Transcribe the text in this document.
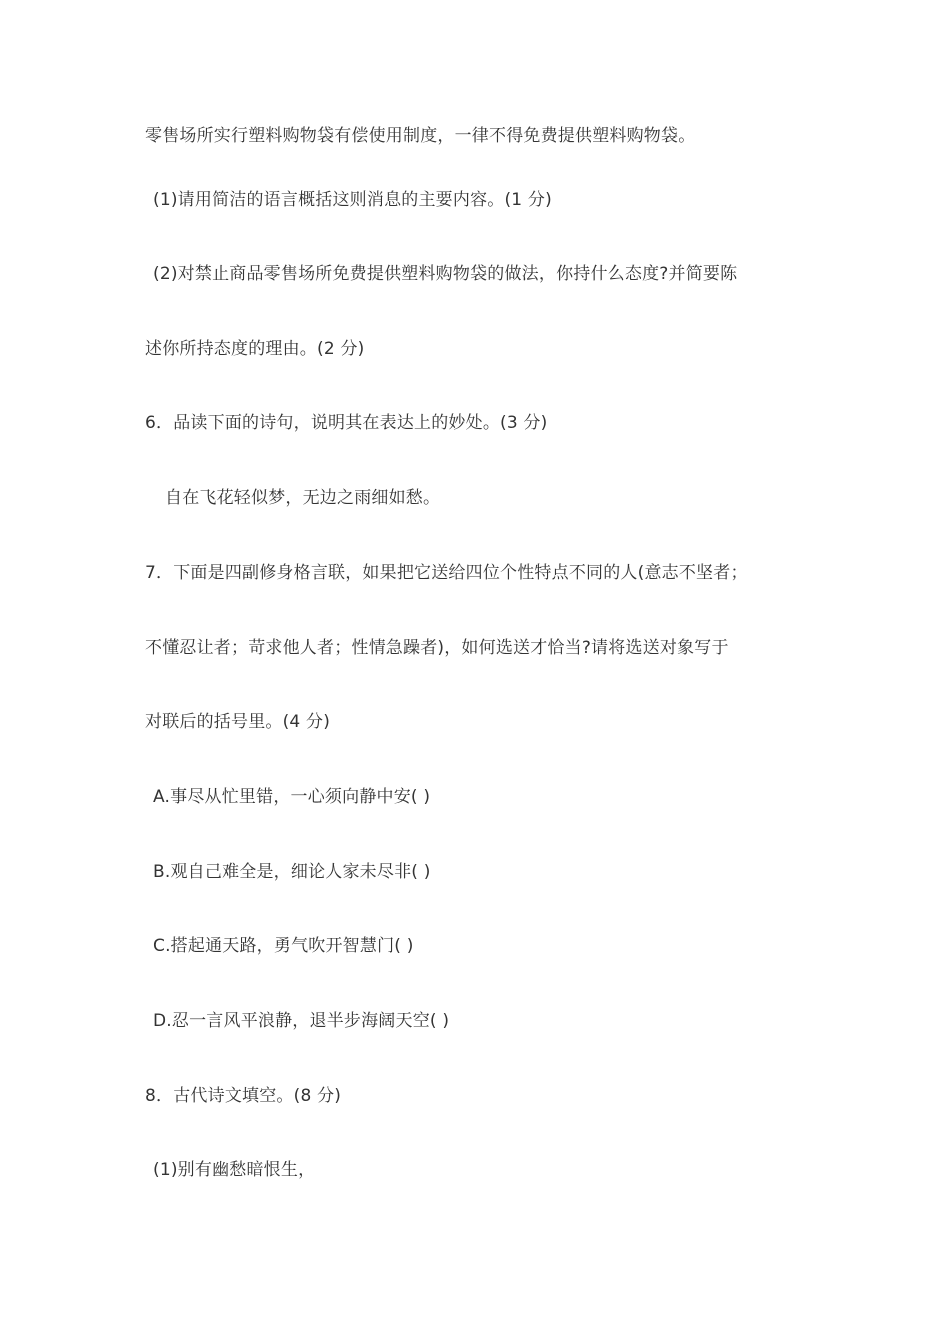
零售场所实行塑料购物袋有偿使用制度，一律不得免费提供塑料购物袋。
(1)请用简洁的语言概括这则消息的主要内容。(1 分)
(2)对禁止商品零售场所免费提供塑料购物袋的做法，你持什么态度?并简要陈
述你所持态度的理由。(2 分)
6．品读下面的诗句，说明其在表达上的妙处。(3 分)
自在飞花轻似梦，无边之雨细如愁。
7．下面是四副修身格言联，如果把它送给四位个性特点不同的人(意志不坚者；
不懂忍让者；苛求他人者；性情急躁者)，如何选送才恰当?请将选送对象写于
对联后的括号里。(4 分)
A.事尽从忙里错，一心须向静中安( )
B.观自己难全是，细论人家未尽非( )
C.搭起通天路，勇气吹开智慧门( )
D.忍一言风平浪静，退半步海阔天空( )
8．古代诗文填空。(8 分)
(1)别有幽愁暗恨生，
